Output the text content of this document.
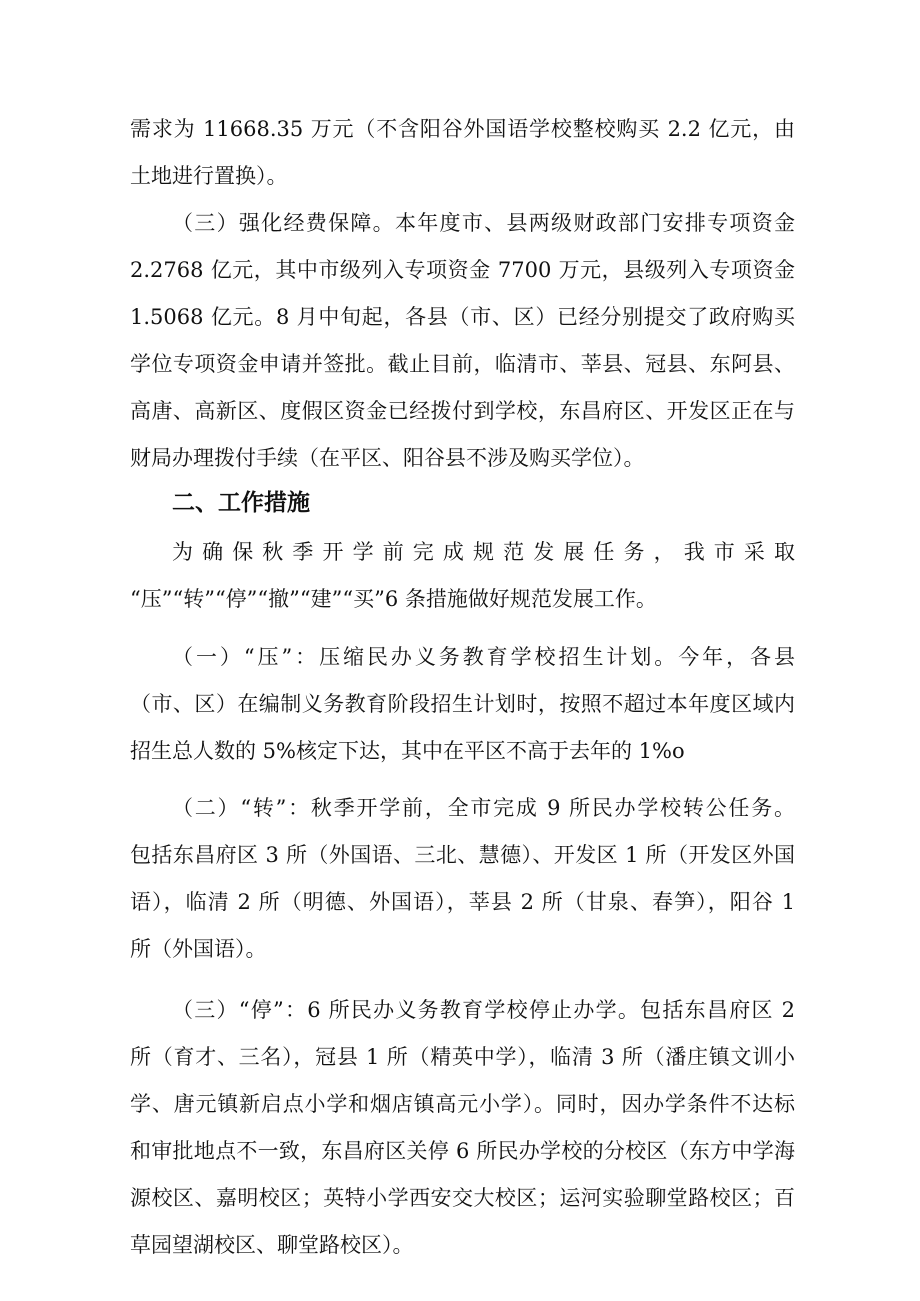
需求为 11668.35 万元（不含阳谷外国语学校整校购买 2.2 亿元，由
土地进行置换）。
（三）强化经费保障。本年度市、县两级财政部门安排专项资金
2.2768 亿元，其中市级列入专项资金 7700 万元，县级列入专项资金
1.5068 亿元。8 月中旬起，各县（市、区）已经分别提交了政府购买
学位专项资金申请并签批。截止目前，临清市、莘县、冠县、东阿县、
高唐、高新区、度假区资金已经拨付到学校，东昌府区、开发区正在与
财局办理拨付手续（在平区、阳谷县不涉及购买学位）。
二、工作措施
为 确 保 秋 季 开 学 前 完 成 规 范 发 展 任 务 ， 我 市 采 取
“压”“转”“停”“撤”“建”“买”6 条措施做好规范发展工作。
（一）“压”：压缩民办义务教育学校招生计划。今年，各县
（市、区）在编制义务教育阶段招生计划时，按照不超过本年度区域内
招生总人数的 5%核定下达，其中在平区不高于去年的 1%o
（二）“转”：秋季开学前，全市完成 9 所民办学校转公任务。
包括东昌府区 3 所（外国语、三北、慧德）、开发区 1 所（开发区外国
语），临清 2 所（明德、外国语），莘县 2 所（甘泉、春笋），阳谷 1
所（外国语）。
（三）“停”：6 所民办义务教育学校停止办学。包括东昌府区 2
所（育才、三名），冠县 1 所（精英中学），临清 3 所（潘庄镇文训小
学、唐元镇新启点小学和烟店镇高元小学）。同时，因办学条件不达标
和审批地点不一致，东昌府区关停 6 所民办学校的分校区（东方中学海
源校区、嘉明校区；英特小学西安交大校区；运河实验聊堂路校区；百
草园望湖校区、聊堂路校区）。
